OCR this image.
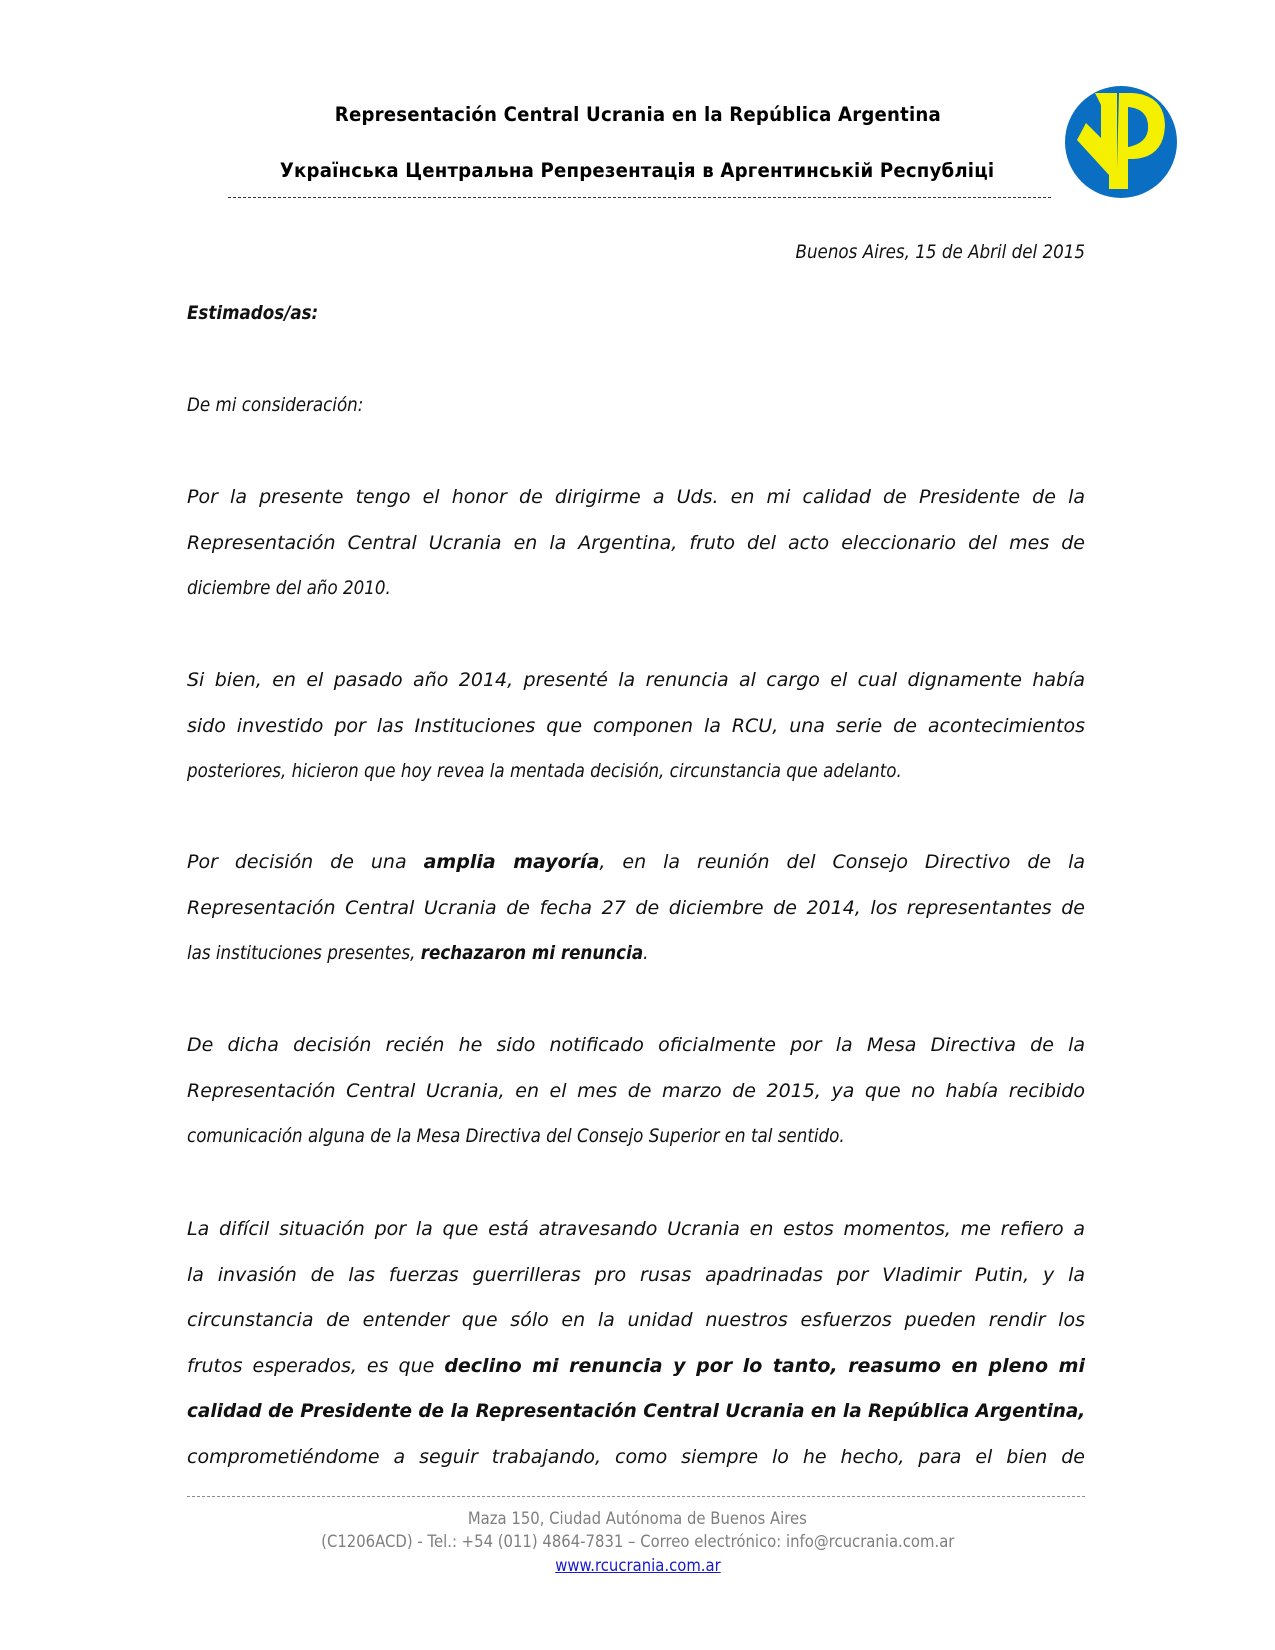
Representación Central Ucrania en la República Argentina
Українська Центральна Репрезентація в Аргентинській Республіці
Buenos Aires, 15 de Abril del 2015
Estimados/as:
De mi consideración:
Por la presente tengo el honor de dirigirme a Uds. en mi calidad de Presidente de la
Representación Central Ucrania en la Argentina, fruto del acto eleccionario del mes de
diciembre del año 2010.
Si bien, en el pasado año 2014, presenté la renuncia al cargo el cual dignamente había
sido investido por las Instituciones que componen la RCU, una serie de acontecimientos
posteriores, hicieron que hoy revea la mentada decisión, circunstancia que adelanto.
Por decisión de una amplia mayoría, en la reunión del Consejo Directivo de la
Representación Central Ucrania de fecha 27 de diciembre de 2014, los representantes de
las instituciones presentes, rechazaron mi renuncia.
De dicha decisión recién he sido notificado oficialmente por la Mesa Directiva de la
Representación Central Ucrania, en el mes de marzo de 2015, ya que no había recibido
comunicación alguna de la Mesa Directiva del Consejo Superior en tal sentido.
La difícil situación por la que está atravesando Ucrania en estos momentos, me refiero a
la invasión de las fuerzas guerrilleras pro rusas apadrinadas por Vladimir Putin, y la
circunstancia de entender que sólo en la unidad nuestros esfuerzos pueden rendir los
frutos esperados, es que declino mi renuncia y por lo tanto, reasumo en pleno mi
calidad de Presidente de la Representación Central Ucrania en la República Argentina,
comprometiéndome a seguir trabajando, como siempre lo he hecho, para el bien de
Maza 150, Ciudad Autónoma de Buenos Aires
(C1206ACD) - Tel.: +54 (011) 4864-7831 – Correo electrónico: info@rcucrania.com.ar
www.rcucrania.com.ar
